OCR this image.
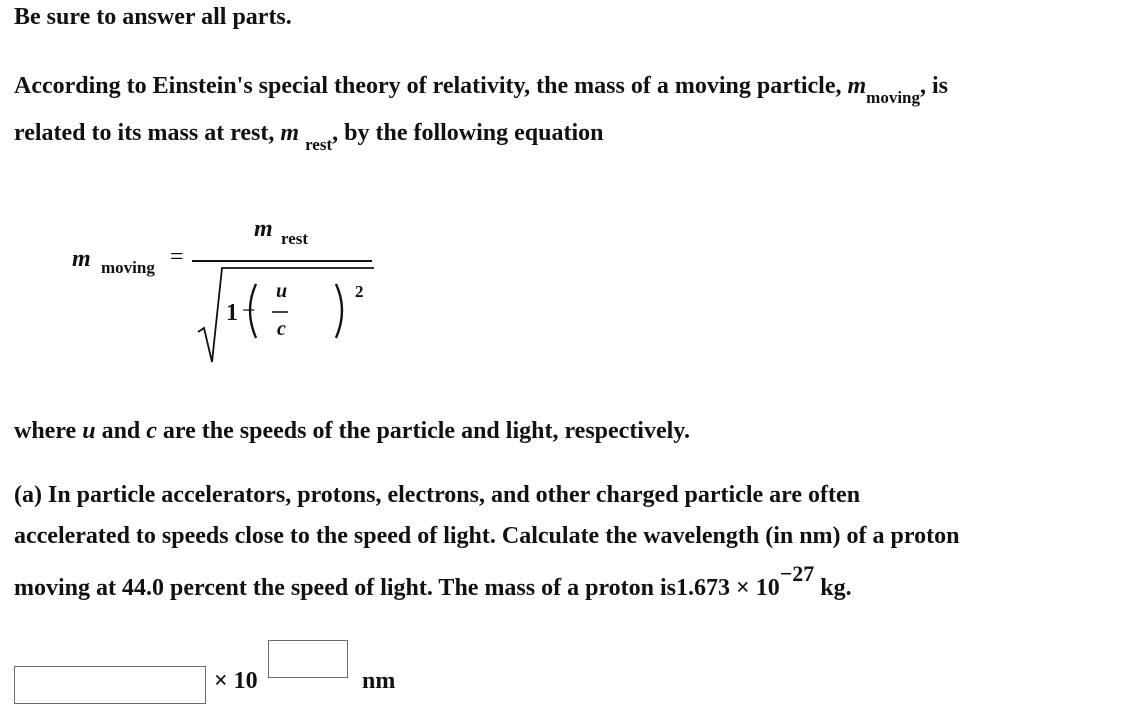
Be sure to answer all parts.
According to Einstein's special theory of relativity, the mass of a moving particle, $m_{moving}$, is
related to its mass at rest, m $_{rest}$, by the following equation
m moving =
m rest
1 −
u
c
2
where u and c are the speeds of the particle and light, respectively.
(a) In particle accelerators, protons, electrons, and other charged particle are often
accelerated to speeds close to the speed of light. Calculate the wavelength (in nm) of a proton
moving at 44.0 percent the speed of light. The mass of a proton is1.673 × 10−27 kg.
× 10	nm
